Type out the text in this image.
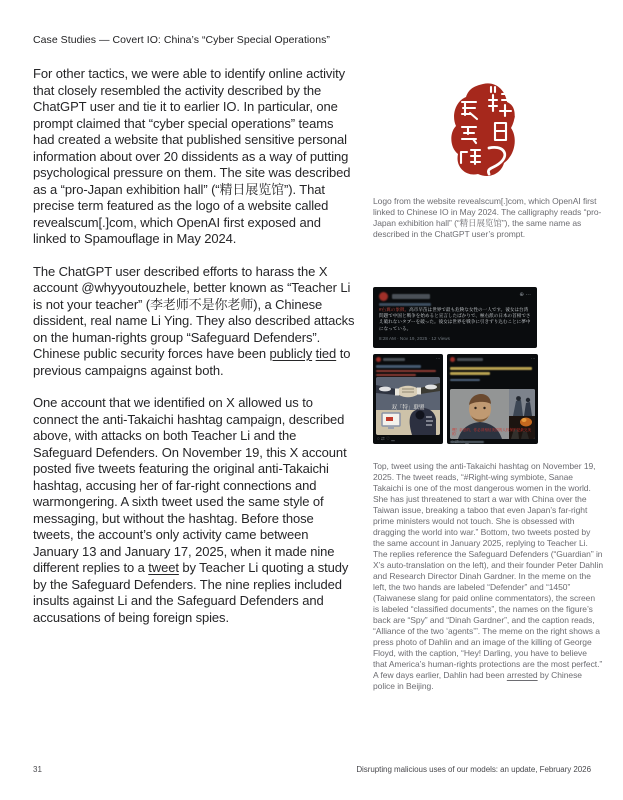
Case Studies — Covert IO: China’s “Cyber Special Operations”

For other tactics, we were able to identify online activity that closely resembled the activity described by the ChatGPT user and tie it to earlier IO. In particular, one prompt claimed that “cyber special operations” teams had created a website that published sensitive personal information about over 20 dissidents as a way of putting psychological pressure on them. The site was described as a “pro-Japan exhibition hall” (“精日展览馆”). That precise term featured as the logo of a website called revealscum[.]com, which OpenAI first exposed and linked to Spamouflage in May 2024.

The ChatGPT user described efforts to harass the X account @whyyoutouzhele, better known as “Teacher Li is not your teacher” (李老师不是你老师), a Chinese dissident, real name Li Ying. They also described attacks on the human-rights group “Safeguard Defenders”. Chinese public security forces have been publicly tied to previous campaigns against both.

One account that we identified on X allowed us to connect the anti-Takaichi hashtag campaign, described above, with attacks on both Teacher Li and the Safeguard Defenders. On November 19, this X account posted five tweets featuring the original anti-Takaichi hashtag, accusing her of far-right connections and warmongering. A sixth tweet used the same style of messaging, but without the hashtag. Before those tweets, the account’s only activity came between January 13 and January 17, 2025, when it made nine different replies to a tweet by Teacher Li quoting a study by the Safeguard Defenders. The nine replies included insults against Li and the Safeguard Defenders and accusations of being foreign spies.

Logo from the website revealscum[.]com, which OpenAI first linked to Chinese IO in May 2024. The calligraphy reads “pro-Japan exhibition hall” (“精日展览馆”), the same name as described in the ChatGPT user’s prompt.
⊕ ⋯
#右翼の象徴、高市早苗は世界で最も危険な女性の一人です。彼女は台湾問題で中国と戦争を始めると宣言したばかりで、極右派の日本の首相でさえ破れないタブーを破った。彼女は世界を戦争に引きずり込むことに夢中になっている。
8:28 AM · Nov 19, 2025 · 12 Views
⋯
双「特」联盟
○ ⇄ ♡ ▁
⋯
嘿！亲爱的，你必须相信美国的人权保护是最完美的
○ ⇄ ♡ ▁
Top, tweet using the anti-Takaichi hashtag on November 19, 2025. The tweet reads, “#Right-wing symbiote, Sanae Takaichi is one of the most dangerous women in the world. She has just threatened to start a war with China over the Taiwan issue, breaking a taboo that even Japan’s far-right prime ministers would not touch. She is obsessed with dragging the world into war.” Bottom, two tweets posted by the same account in January 2025, replying to Teacher Li. The replies reference the Safeguard Defenders (“Guardian” in X’s auto-translation on the left), and their founder Peter Dahlin and Research Director Dinah Gardner. In the meme on the left, the two hands are labeled “Defender” and “1450” (Taiwanese slang for paid online commentators), the screen is labeled “classified documents”, the names on the figure’s back are “Spy” and “Dinah Gardner”, and the caption reads, “Alliance of the two ‘agents’”. The meme on the right shows a press photo of Dahlin and an image of the killing of George Floyd, with the caption, “Hey! Darling, you have to believe that America’s human-rights protections are the most perfect.” A few days earlier, Dahlin had been arrested by Chinese police in Beijing.
31	Disrupting malicious uses of our models: an update, February 2026
